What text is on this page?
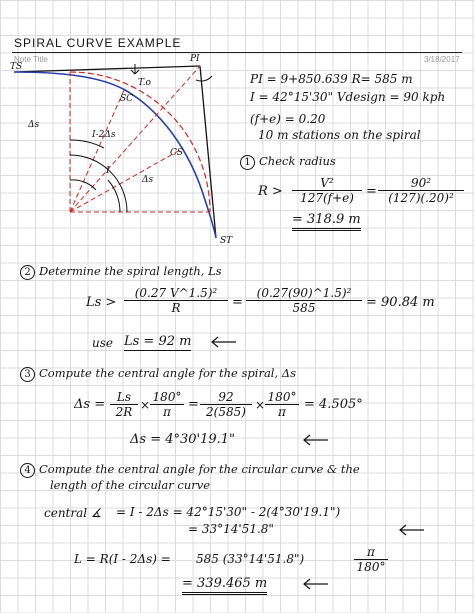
SPIRAL CURVE EXAMPLE
Note Title	3/18/2017
TS
PI
ST
SC
CS
T.o
Δs
I-2Δs
I
Δs
PI = 9+850.639 R= 585 m
I = 42°15'30" Vdesign = 90 kph
(f+e) = 0.20
10 m stations on the spiral
1 Check radius
$R > \frac{\text{V²}}{127(f+e)} = \frac{\text{90²}}{\text{(127)(.20)²}}$
= 318.9 m
2 Determine the spiral length, Ls
$Ls > \frac{\text{(0.27 V\textasciicircum{}1.5)²}}{R} = \frac{\text{(0.27(90)\textasciicircum{}1.5)²}}{585} = 90.84$ m
use Ls = 92 m
3 Compute the central angle for the spiral, Δs
$\Delta s = \frac{Ls}{2R} \times \frac{180^\circ}{\pi} = \frac{92}{2(585)} \times \frac{180^\circ}{\pi} = 4.505^\circ$
Δs = 4°30'19.1"
4 Compute the central angle for the circular curve & the
length of the circular curve
central ∡ = I - 2Δs = 42°15'30" - 2(4°30'19.1")
= 33°14'51.8"
L = R(I - 2Δs) = 585 (33°14'51.8")	$\frac{\pi}{180^\circ}$
= 339.465 m
